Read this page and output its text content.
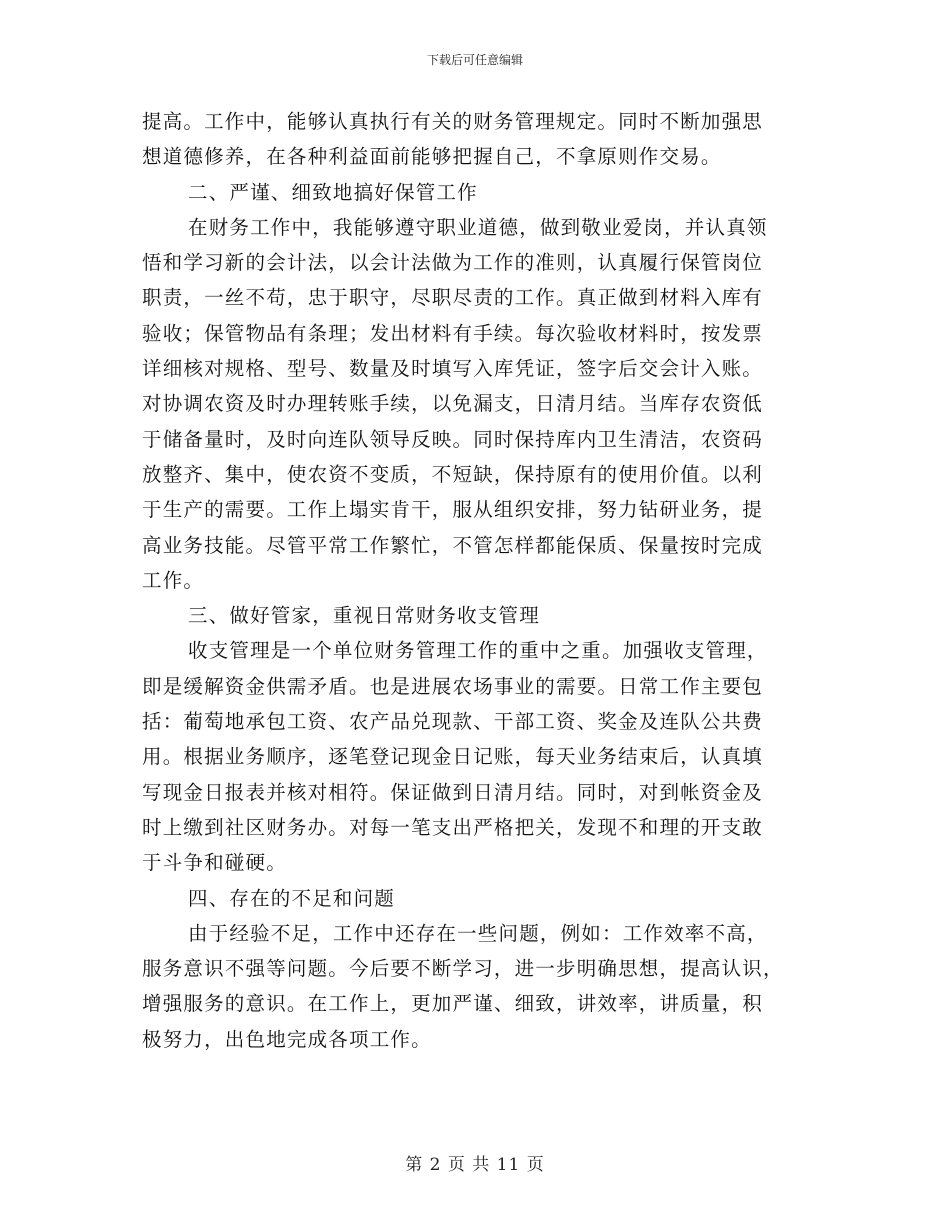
下载后可任意编辑
提高。工作中，能够认真执行有关的财务管理规定。同时不断加强思
想道德修养，在各种利益面前能够把握自己，不拿原则作交易。
二、严谨、细致地搞好保管工作
在财务工作中，我能够遵守职业道德，做到敬业爱岗，并认真领
悟和学习新的会计法，以会计法做为工作的准则，认真履行保管岗位
职责，一丝不苟，忠于职守，尽职尽责的工作。真正做到材料入库有
验收；保管物品有条理；发出材料有手续。每次验收材料时，按发票
详细核对规格、型号、数量及时填写入库凭证，签字后交会计入账。
对协调农资及时办理转账手续，以免漏支，日清月结。当库存农资低
于储备量时，及时向连队领导反映。同时保持库内卫生清洁，农资码
放整齐、集中，使农资不变质，不短缺，保持原有的使用价值。以利
于生产的需要。工作上塌实肯干，服从组织安排，努力钻研业务，提
高业务技能。尽管平常工作繁忙，不管怎样都能保质、保量按时完成
工作。
三、做好管家，重视日常财务收支管理
收支管理是一个单位财务管理工作的重中之重。加强收支管理，
即是缓解资金供需矛盾。也是进展农场事业的需要。日常工作主要包
括：葡萄地承包工资、农产品兑现款、干部工资、奖金及连队公共费
用。根据业务顺序，逐笔登记现金日记账，每天业务结束后，认真填
写现金日报表并核对相符。保证做到日清月结。同时，对到帐资金及
时上缴到社区财务办。对每一笔支出严格把关，发现不和理的开支敢
于斗争和碰硬。
四、存在的不足和问题
由于经验不足，工作中还存在一些问题，例如：工作效率不高，
服务意识不强等问题。今后要不断学习，进一步明确思想，提高认识，
增强服务的意识。在工作上，更加严谨、细致，讲效率，讲质量，积
极努力，出色地完成各项工作。
第 2 页 共 11 页
